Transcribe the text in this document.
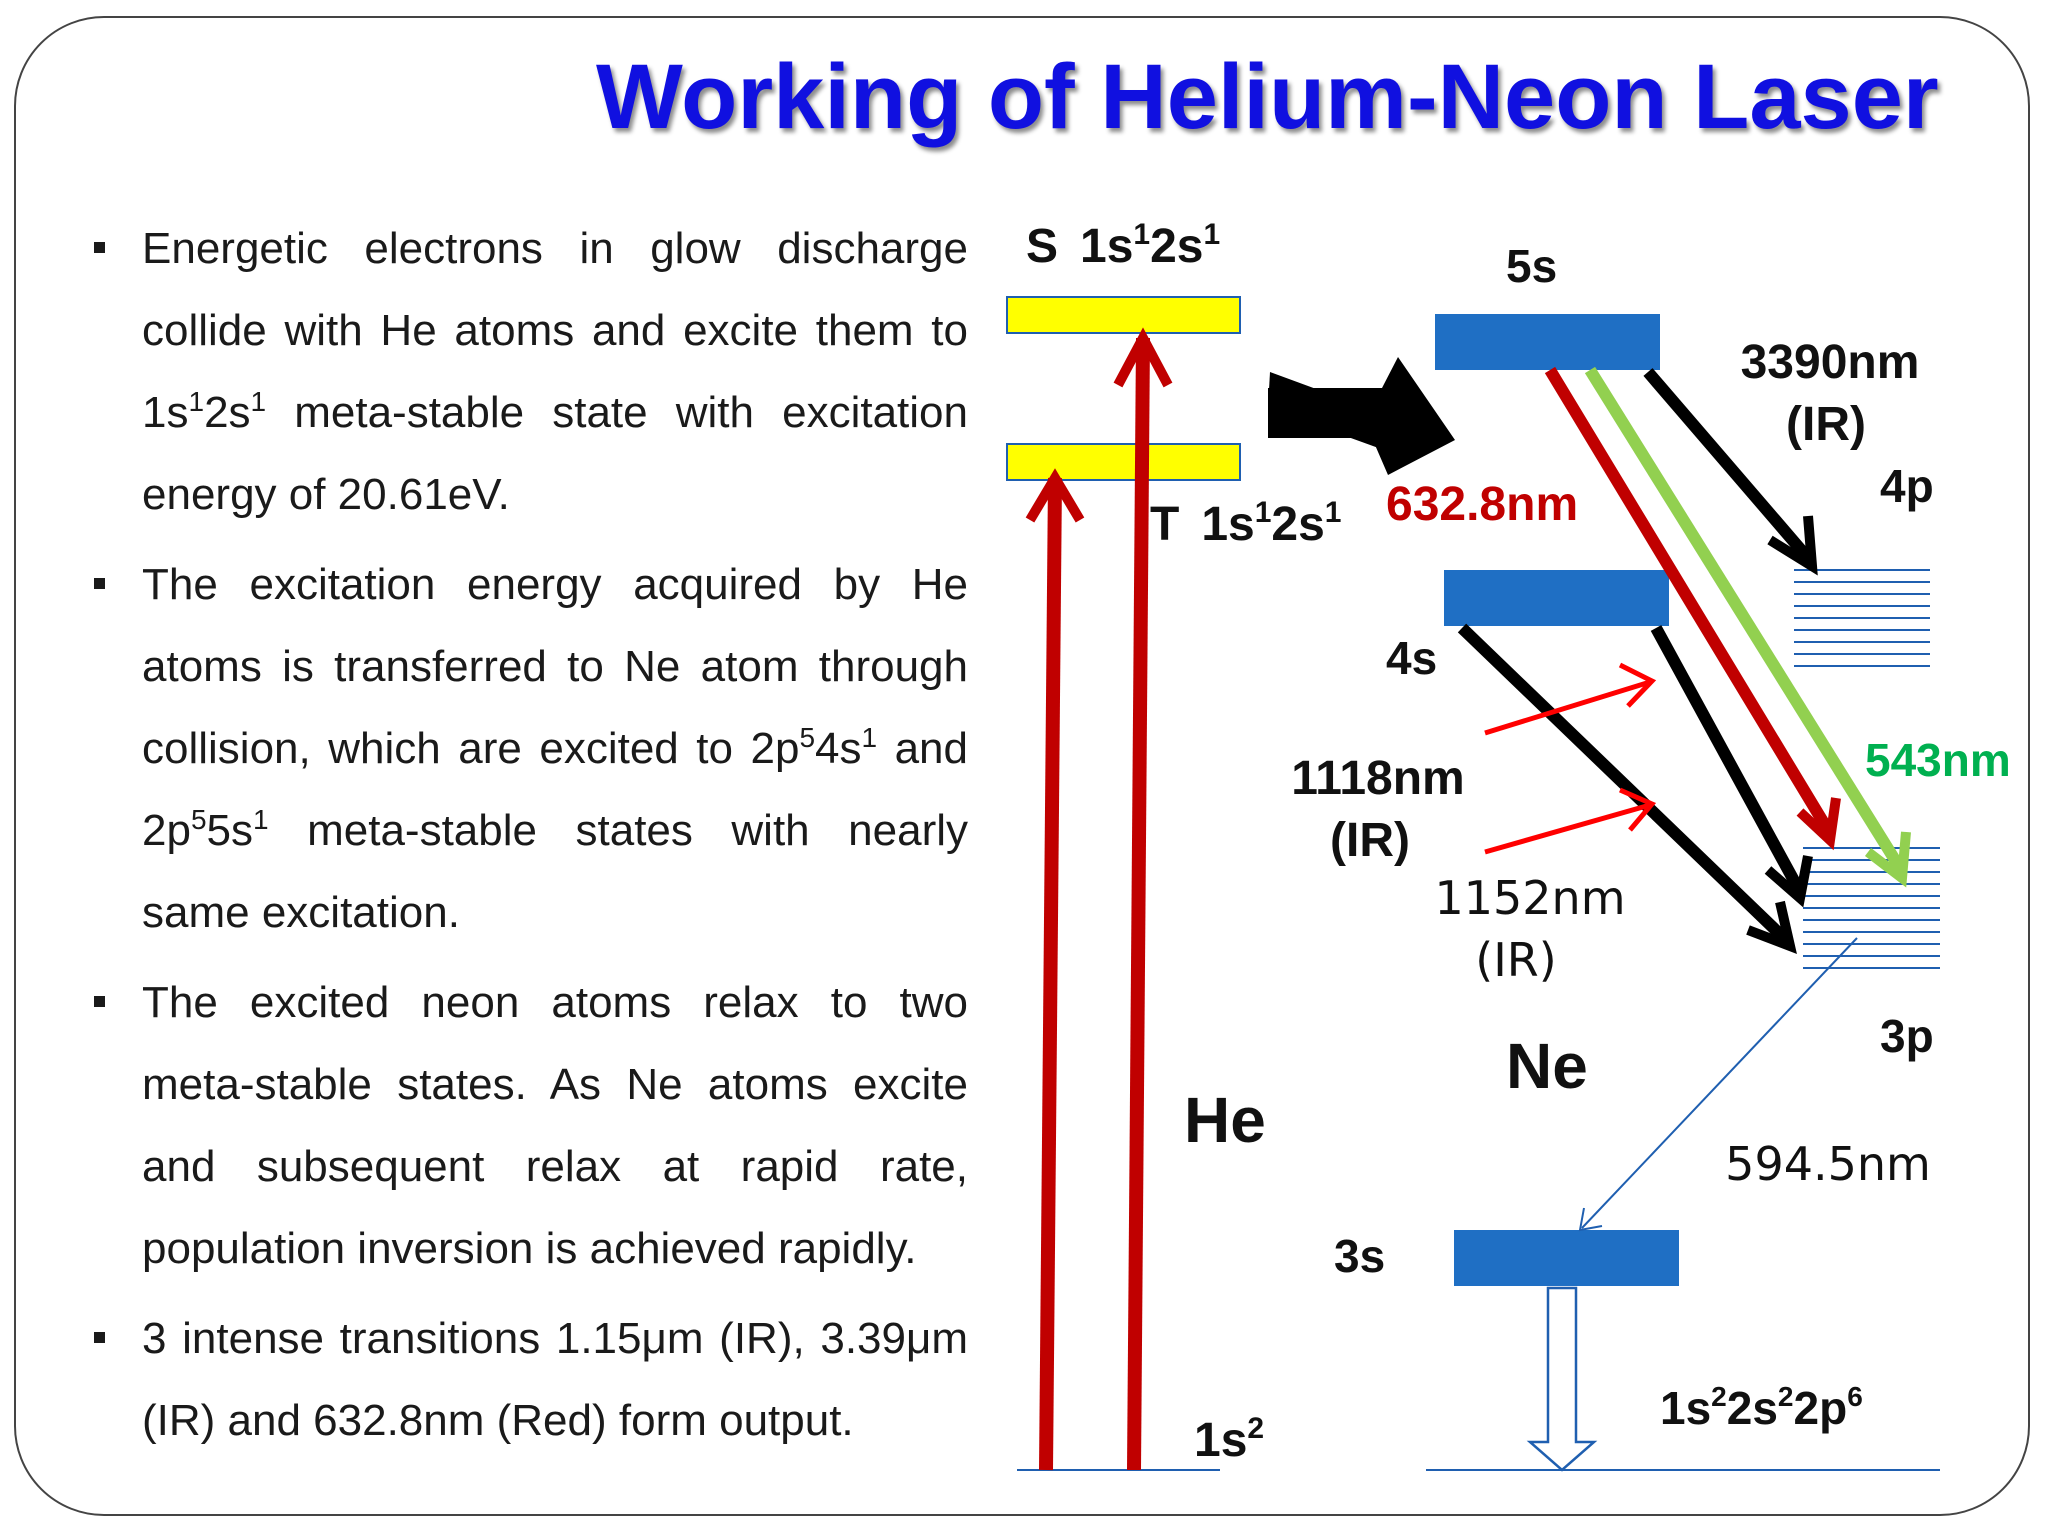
Working of Helium-Neon Laser
Energetic electrons in glow discharge collide with He atoms and excite them to $1s^12s^1$ meta-stable state with excitation energy of 20.61eV.
The excitation energy acquired by He atoms is transferred to Ne atom through collision, which are excited to $2p^54s^1$ and $2p^55s^1$ meta-stable states with nearly same excitation.
The excited neon atoms relax to two meta-stable states. As Ne atoms excite and subsequent relax at rapid rate, population inversion is achieved rapidly.
3 intense transitions 1.15μm (IR), 3.39μm (IR) and 632.8nm (Red) form output.
S $1s^12s^1$
T $1s^12s^1$
$1s^2$
He
Ne
5s
4s
3s
4p
3p
$1s^22s^22p^6$
3390nm
(IR)
632.8nm
543nm
1118nm
(IR)
1152nm
(IR)
594.5nm
